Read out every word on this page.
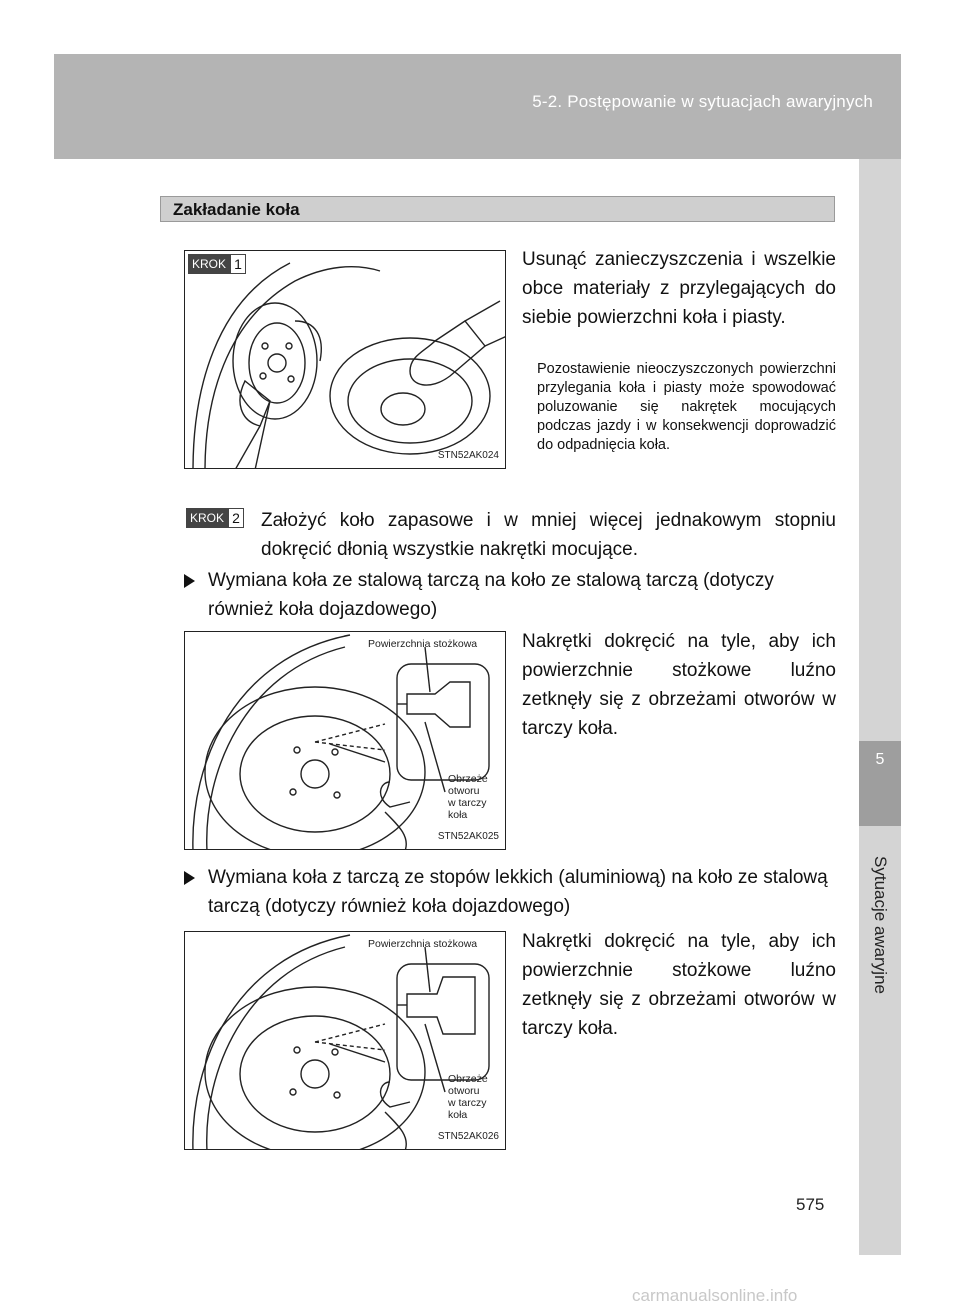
5-2. Postępowanie w sytuacjach awaryjnych
5
Sytuacje awaryjne
Zakładanie koła
KROK 1
STN52AK024
Usunąć zanieczyszczenia i wszelkie obce materiały z przylegających do siebie powierzchni koła i piasty.
Pozostawienie nieoczyszczonych powierzchni przylegania koła i piasty może spowodować poluzowanie się nakrętek mocujących podczas jazdy i w konsekwencji doprowadzić do odpadnięcia koła.
KROK 2 Założyć koło zapasowe i w mniej więcej jednakowym stopniu dokręcić dłonią wszystkie nakrętki mocujące.
Wymiana koła ze stalową tarczą na koło ze stalową tarczą (dotyczy również koła dojazdowego)
Powierzchnia stożkowa
Obrzeże
otworu
w tarczy
koła
STN52AK025
Nakrętki dokręcić na tyle, aby ich powierzchnie stożkowe luźno zetknęły się z obrzeżami otworów w tarczy koła.
Wymiana koła z tarczą ze stopów lekkich (aluminiową) na koło ze stalową tarczą (dotyczy również koła dojazdowego)
Powierzchnia stożkowa
Obrzeże
otworu
w tarczy
koła
STN52AK026
Nakrętki dokręcić na tyle, aby ich powierzchnie stożkowe luźno zetknęły się z obrzeżami otworów w tarczy koła.
575
carmanualsonline.info
